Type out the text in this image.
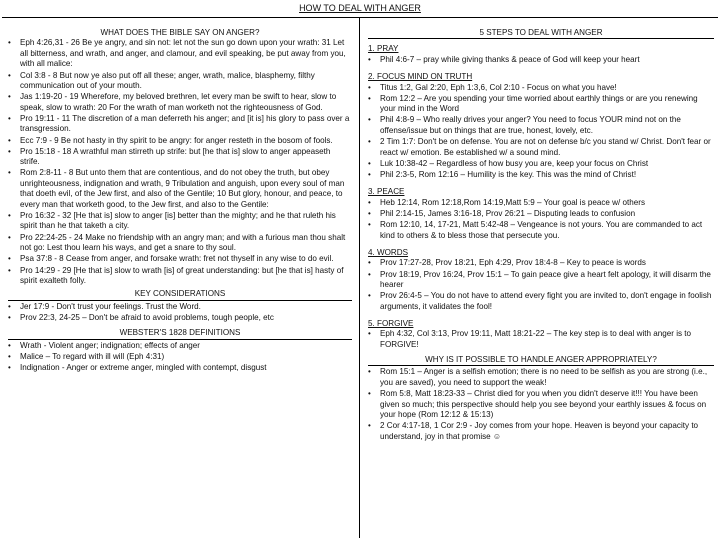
HOW TO DEAL WITH ANGER
WHAT DOES THE BIBLE SAY ON ANGER?
• Eph 4:26,31 - 26 Be ye angry, and sin not: let not the sun go down upon your wrath: 31 Let all bitterness, and wrath, and anger, and clamour, and evil speaking, be put away from you, with all malice:
• Col 3:8 - 8 But now ye also put off all these; anger, wrath, malice, blasphemy, filthy communication out of your mouth.
• Jas 1:19-20 - 19 Wherefore, my beloved brethren, let every man be swift to hear, slow to speak, slow to wrath: 20 For the wrath of man worketh not the righteousness of God.
• Pro 19:11 - 11 The discretion of a man deferreth his anger; and [it is] his glory to pass over a transgression.
• Ecc 7:9 - 9 Be not hasty in thy spirit to be angry: for anger resteth in the bosom of fools.
• Pro 15:18 - 18 A wrathful man stirreth up strife: but [he that is] slow to anger appeaseth strife.
• Rom 2:8-11 - 8 But unto them that are contentious, and do not obey the truth, but obey unrighteousness, indignation and wrath, 9 Tribulation and anguish, upon every soul of man that doeth evil, of the Jew first, and also of the Gentile; 10 But glory, honour, and peace, to every man that worketh good, to the Jew first, and also to the Gentile:
• Pro 16:32 - 32 [He that is] slow to anger [is] better than the mighty; and he that ruleth his spirit than he that taketh a city.
• Pro 22:24-25 - 24 Make no friendship with an angry man; and with a furious man thou shalt not go: Lest thou learn his ways, and get a snare to thy soul.
• Psa 37:8 - 8 Cease from anger, and forsake wrath: fret not thyself in any wise to do evil.
• Pro 14:29 - 29 [He that is] slow to wrath [is] of great understanding: but [he that is] hasty of spirit exalteth folly.
KEY CONSIDERATIONS
• Jer 17:9 - Don't trust your feelings. Trust the Word.
• Prov 22:3, 24-25 – Don't be afraid to avoid problems, tough people, etc
WEBSTER'S 1828 DEFINITIONS
• Wrath - Violent anger; indignation; effects of anger
• Malice – To regard with ill will (Eph 4:31)
• Indignation - Anger or extreme anger, mingled with contempt, disgust
5 STEPS TO DEAL WITH ANGER
1. PRAY
• Phil 4:6-7 – pray while giving thanks & peace of God will keep your heart
2. FOCUS MIND ON TRUTH
• Titus 1:2, Gal 2:20, Eph 1:3,6, Col 2:10 - Focus on what you have!
• Rom 12:2 – Are you spending your time worried about earthly things or are you renewing your mind in the Word
• Phil 4:8-9 – Who really drives your anger? You need to focus YOUR mind not on the offense/issue but on things that are true, honest, lovely, etc.
• 2 Tim 1:7: Don't be on defense. You are not on defense b/c you stand w/ Christ. Don't fear or react w/ emotion. Be established w/ a sound mind.
• Luk 10:38-42 – Regardless of how busy you are, keep your focus on Christ
• Phil 2:3-5, Rom 12:16 – Humility is the key. This was the mind of Christ!
3. PEACE
• Heb 12:14, Rom 12:18,Rom 14:19,Matt 5:9 – Your goal is peace w/ others
• Phil 2:14-15, James 3:16-18, Prov 26:21 – Disputing leads to confusion
• Rom 12:10, 14, 17-21, Matt 5:42-48 – Vengeance is not yours. You are commanded to act kind to others & to bless those that persecute you.
4. WORDS
• Prov 17:27-28, Prov 18:21, Eph 4:29, Prov 18:4-8 – Key to peace is words
• Prov 18:19, Prov 16:24, Prov 15:1 – To gain peace give a heart felt apology, it will disarm the hearer
• Prov 26:4-5 – You do not have to attend every fight you are invited to, don't engage in foolish arguments, it validates the fool!
5. FORGIVE
• Eph 4:32, Col 3:13, Prov 19:11, Matt 18:21-22 – The key step is to deal with anger is to FORGIVE!
WHY IS IT POSSIBLE TO HANDLE ANGER APPROPRIATELY?
• Rom 15:1 – Anger is a selfish emotion; there is no need to be selfish as you are strong (i.e., you are saved), you need to support the weak!
• Rom 5:8, Matt 18:23-33 – Christ died for you when you didn't deserve it!!! You have been given so much; this perspective should help you see beyond your earthly issues & focus on your hope (Rom 12:12 & 15:13)
• 2 Cor 4:17-18, 1 Cor 2:9 - Joy comes from your hope. Heaven is beyond your capacity to understand, joy in that promise ☺
